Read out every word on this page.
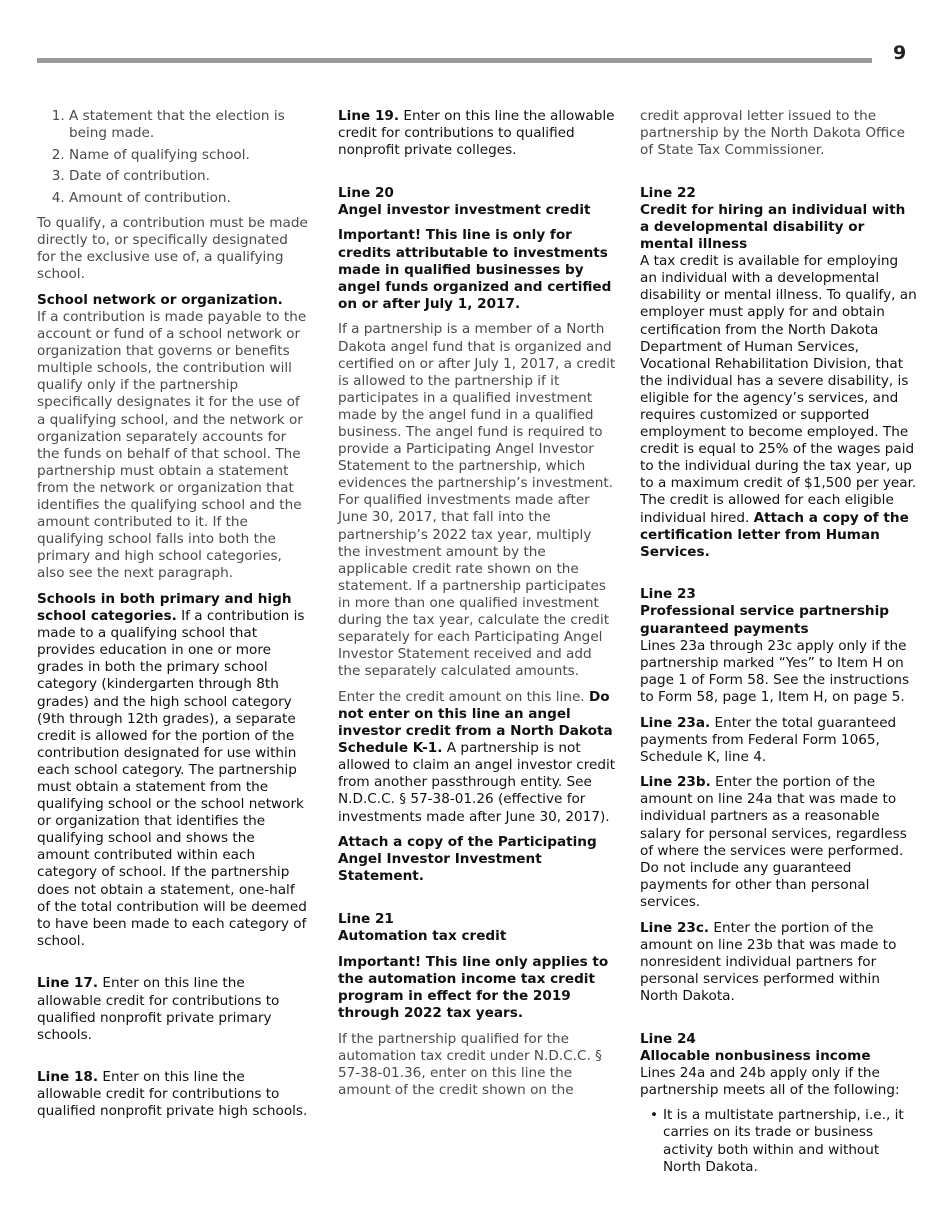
9
1. A statement that the election is being made.
2. Name of qualifying school.
3. Date of contribution.
4. Amount of contribution.

To qualify, a contribution must be made directly to, or specifically designated for the exclusive use of, a qualifying school.

School network or organization.
If a contribution is made payable to the account or fund of a school network or organization that governs or benefits multiple schools, the contribution will qualify only if the partnership specifically designates it for the use of a qualifying school, and the network or organization separately accounts for the funds on behalf of that school. The partnership must obtain a statement from the network or organization that identifies the qualifying school and the amount contributed to it. If the qualifying school falls into both the primary and high school categories, also see the next paragraph.

Schools in both primary and high school categories. If a contribution is made to a qualifying school that provides education in one or more grades in both the primary school category (kindergarten through 8th grades) and the high school category (9th through 12th grades), a separate credit is allowed for the portion of the contribution designated for use within each school category. The partnership must obtain a statement from the qualifying school or the school network or organization that identifies the qualifying school and shows the amount contributed within each category of school. If the partnership does not obtain a statement, one-half of the total contribution will be deemed to have been made to each category of school.

Line 17. Enter on this line the allowable credit for contributions to qualified nonprofit private primary schools.

Line 18. Enter on this line the allowable credit for contributions to qualified nonprofit private high schools.

Line 19. Enter on this line the allowable credit for contributions to qualified nonprofit private colleges.

Line 20
Angel investor investment credit

Important! This line is only for credits attributable to investments made in qualified businesses by angel funds organized and certified on or after July 1, 2017.

If a partnership is a member of a North Dakota angel fund that is organized and certified on or after July 1, 2017, a credit is allowed to the partnership if it participates in a qualified investment made by the angel fund in a qualified business. The angel fund is required to provide a Participating Angel Investor Statement to the partnership, which evidences the partnership’s investment. For qualified investments made after June 30, 2017, that fall into the partnership’s 2022 tax year, multiply the investment amount by the applicable credit rate shown on the statement. If a partnership participates in more than one qualified investment during the tax year, calculate the credit separately for each Participating Angel Investor Statement received and add the separately calculated amounts.

Enter the credit amount on this line. Do not enter on this line an angel investor credit from a North Dakota Schedule K-1. A partnership is not allowed to claim an angel investor credit from another passthrough entity. See N.D.C.C. § 57-38-01.26 (effective for investments made after June 30, 2017).

Attach a copy of the Participating Angel Investor Investment Statement.

Line 21
Automation tax credit

Important! This line only applies to the automation income tax credit program in effect for the 2019 through 2022 tax years.

If the partnership qualified for the automation tax credit under N.D.C.C. § 57-38-01.36, enter on this line the amount of the credit shown on the

credit approval letter issued to the partnership by the North Dakota Office of State Tax Commissioner.

Line 22
Credit for hiring an individual with a developmental disability or mental illness
A tax credit is available for employing an individual with a developmental disability or mental illness. To qualify, an employer must apply for and obtain certification from the North Dakota Department of Human Services, Vocational Rehabilitation Division, that the individual has a severe disability, is eligible for the agency’s services, and requires customized or supported employment to become employed. The credit is equal to 25% of the wages paid to the individual during the tax year, up to a maximum credit of $1,500 per year. The credit is allowed for each eligible individual hired. Attach a copy of the certification letter from Human Services.

Line 23
Professional service partnership guaranteed payments
Lines 23a through 23c apply only if the partnership marked “Yes” to Item H on page 1 of Form 58. See the instructions to Form 58, page 1, Item H, on page 5.

Line 23a. Enter the total guaranteed payments from Federal Form 1065, Schedule K, line 4.

Line 23b. Enter the portion of the amount on line 24a that was made to individual partners as a reasonable salary for personal services, regardless of where the services were performed. Do not include any guaranteed payments for other than personal services.

Line 23c. Enter the portion of the amount on line 23b that was made to nonresident individual partners for personal services performed within North Dakota.

Line 24
Allocable nonbusiness income
Lines 24a and 24b apply only if the partnership meets all of the following:

• It is a multistate partnership, i.e., it carries on its trade or business activity both within and without North Dakota.
